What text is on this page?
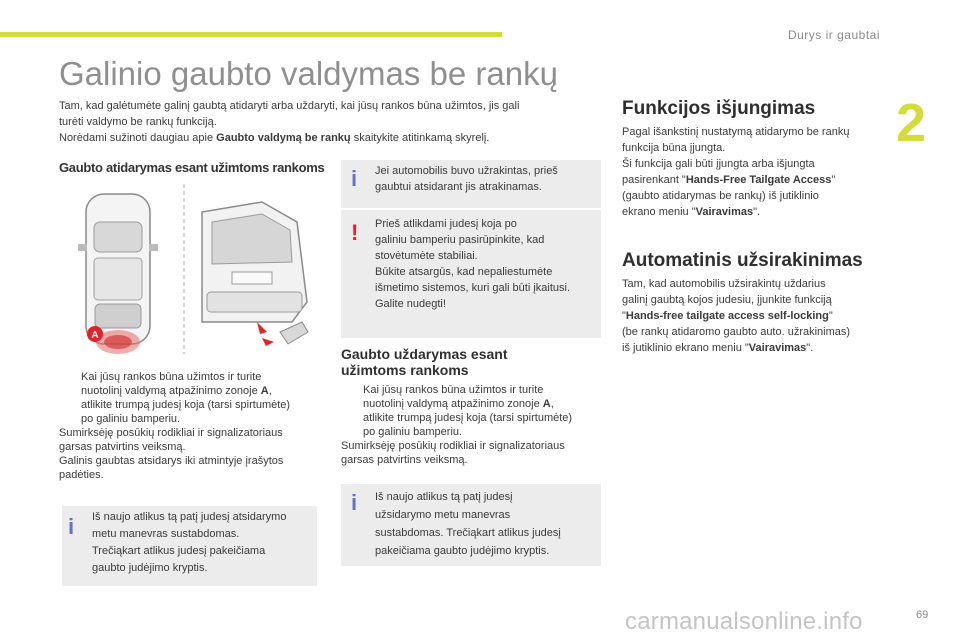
Durys ir gaubtai
2
Galinio gaubto valdymas be rankų
Tam, kad galėtumėte galinį gaubtą atidaryti arba uždaryti, kai jūsų rankos būna užimtos, jis gali
turėti valdymo be rankų funkciją.
Norėdami sužinoti daugiau apie Gaubto valdymą be rankų skaitykite atitinkamą skyrelį.
Gaubto atidarymas esant užimtoms rankoms
A
Kai jūsų rankos būna užimtos ir turite
nuotolinį valdymą atpažinimo zonoje A,
atlikite trumpą judesį koja (tarsi spirtumėte)
po galiniu bamperiu.
Sumirksėję posūkių rodikliai ir signalizatoriaus
garsas patvirtins veiksmą.
Galinis gaubtas atsidarys iki atmintyje įrašytos
padėties.
i Jei automobilis buvo užrakintas, prieš
gaubtui atsidarant jis atrakinamas.
! Prieš atlikdami judesį koja po
galiniu bamperiu pasirūpinkite, kad
stovėtumėte stabiliai.
Būkite atsargūs, kad nepaliestumėte
išmetimo sistemos, kuri gali būti įkaitusi.
Galite nudegti!
Gaubto uždarymas esant
užimtoms rankoms
Kai jūsų rankos būna užimtos ir turite
nuotolinį valdymą atpažinimo zonoje A,
atlikite trumpą judesį koja (tarsi spirtumėte)
po galiniu bamperiu.
Sumirksėję posūkių rodikliai ir signalizatoriaus
garsas patvirtins veiksmą.
i Iš naujo atlikus tą patį judesį atsidarymo
metu manevras sustabdomas.
Trečiąkart atlikus judesį pakeičiama
gaubto judėjimo kryptis.
i Iš naujo atlikus tą patį judesį
užsidarymo metu manevras
sustabdomas. Trečiąkart atlikus judesį
pakeičiama gaubto judėjimo kryptis.
Funkcijos išjungimas
Pagal išankstinį nustatymą atidarymo be rankų
funkcija būna įjungta.
Ši funkcija gali būti įjungta arba išjungta
pasirenkant "Hands-Free Tailgate Access"
(gaubto atidarymas be rankų) iš jutiklinio
ekrano meniu "Vairavimas".
Automatinis užsirakinimas
Tam, kad automobilis užsirakintų uždarius
galinį gaubtą kojos judesiu, įjunkite funkciją
"Hands-free tailgate access self-locking"
(be rankų atidaromo gaubto auto. užrakinimas)
iš jutiklinio ekrano meniu "Vairavimas".
carmanualsonline.info	69
